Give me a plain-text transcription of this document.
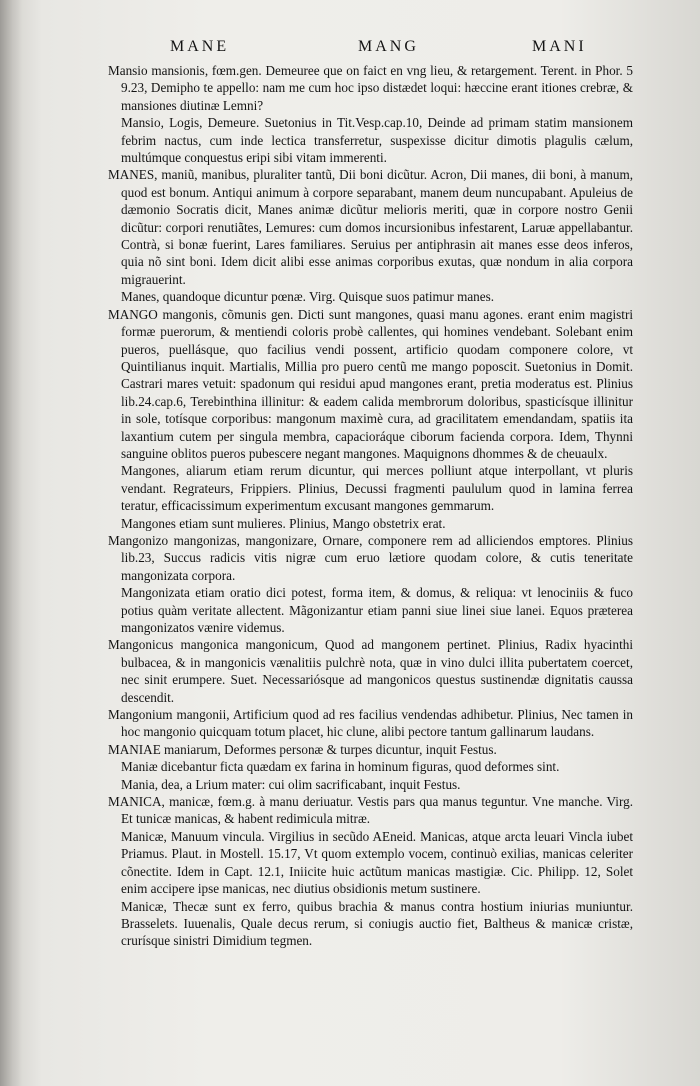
MANE	MANG	MANI

Mansio mansionis, fœm.gen. Demeuree que on faict en vng lieu, & retargement. Terent. in Phor. 5 9.23, Demipho te appello: nam me cum hoc ipso distædet loqui: hæccine erant itiones crebræ, & mansiones diutinæ Lemni?

Mansio, Logis, Demeure. Suetonius in Tit.Vesp.cap.10, Deinde ad primam statim mansionem febrim nactus, cum inde lectica transferretur, suspexisse dicitur dimotis plagulis cælum, multúmque conquestus eripi sibi vitam immerenti.

MANES, maniũ, manibus, pluraliter tantũ, Dii boni dicũtur. Acron, Dii manes, dii boni, à manum, quod est bonum. Antiqui animum à corpore separabant, manem deum nuncupabant. Apuleius de dæmonio Socratis dicit, Manes animæ dicũtur melioris meriti, quæ in corpore nostro Genii dicũtur: corpori renutiãtes, Lemures: cum domos incursionibus infestarent, Laruæ appellabantur. Contrà, si bonæ fuerint, Lares familiares. Seruius per antiphrasin ait manes esse deos inferos, quia nõ sint boni. Idem dicit alibi esse animas corporibus exutas, quæ nondum in alia corpora migrauerint.

Manes, quandoque dicuntur pœnæ. Virg. Quisque suos patimur manes.

MANGO mangonis, cõmunis gen. Dicti sunt mangones, quasi manu agones. erant enim magistri formæ puerorum, & mentiendi coloris probè callentes, qui homines vendebant. Solebant enim pueros, puellásque, quo facilius vendi possent, artificio quodam componere colore, vt Quintilianus inquit. Martialis, Millia pro puero centũ me mango poposcit. Suetonius in Domit. Castrari mares vetuit: spadonum qui residui apud mangones erant, pretia moderatus est. Plinius lib.24.cap.6, Terebinthina illinitur: & eadem calida membrorum doloribus, spasticísque illinitur in sole, totísque corporibus: mangonum maximè cura, ad gracilitatem emendandam, spatiis ita laxantium cutem per singula membra, capacioráque ciborum facienda corpora. Idem, Thynni sanguine oblitos pueros pubescere negant mangones. Maquignons dhommes & de cheuaulx.

Mangones, aliarum etiam rerum dicuntur, qui merces polliunt atque interpollant, vt pluris vendant. Regrateurs, Frippiers. Plinius, Decussi fragmenti paululum quod in lamina ferrea teratur, efficacissimum experimentum excusant mangones gemmarum.

Mangones etiam sunt mulieres. Plinius, Mango obstetrix erat.

Mangonizo mangonizas, mangonizare, Ornare, componere rem ad alliciendos emptores. Plinius lib.23, Succus radicis vitis nigræ cum eruo lætiore quodam colore, & cutis teneritate mangonizata corpora.

Mangonizata etiam oratio dici potest, forma item, & domus, & reliqua: vt lenociniis & fuco potius quàm veritate allectent. Mãgonizantur etiam panni siue linei siue lanei. Equos præterea mangonizatos vænire videmus.

Mangonicus mangonica mangonicum, Quod ad mangonem pertinet. Plinius, Radix hyacinthi bulbacea, & in mangonicis vænalitiis pulchrè nota, quæ in vino dulci illita pubertatem coercet, nec sinit erumpere. Suet. Necessariósque ad mangonicos questus sustinendæ dignitatis caussa descendit.

Mangonium mangonii, Artificium quod ad res facilius vendendas adhibetur. Plinius, Nec tamen in hoc mangonio quicquam totum placet, hic clune, alibi pectore tantum gallinarum laudans.

MANIAE maniarum, Deformes personæ & turpes dicuntur, inquit Festus.

Maniæ dicebantur ficta quædam ex farina in hominum figuras, quod deformes sint.

Mania, dea, a Lrium mater: cui olim sacrificabant, inquit Festus.

MANICA, manicæ, fœm.g. à manu deriuatur. Vestis pars qua manus teguntur. Vne manche. Virg. Et tunicæ manicas, & habent redimicula mitræ.

Manicæ, Manuum vincula. Virgilius in secũdo AEneid. Manicas, atque arcta leuari Vincla iubet Priamus. Plaut. in Mostell. 15.17, Vt quom extemplo vocem, continuò exilias, manicas celeriter cõnectite. Idem in Capt. 12.1, Iniicite huic actũtum manicas mastigiæ. Cic. Philipp. 12, Solet enim accipere ipse manicas, nec diutius obsidionis metum sustinere.

Manicæ, Thecæ sunt ex ferro, quibus brachia & manus contra hostium iniurias muniuntur. Brasselets. Iuuenalis, Quale decus rerum, si coniugis auctio fiet, Baltheus & manicæ cristæ, crurísque sinistri Dimidium tegmen.
